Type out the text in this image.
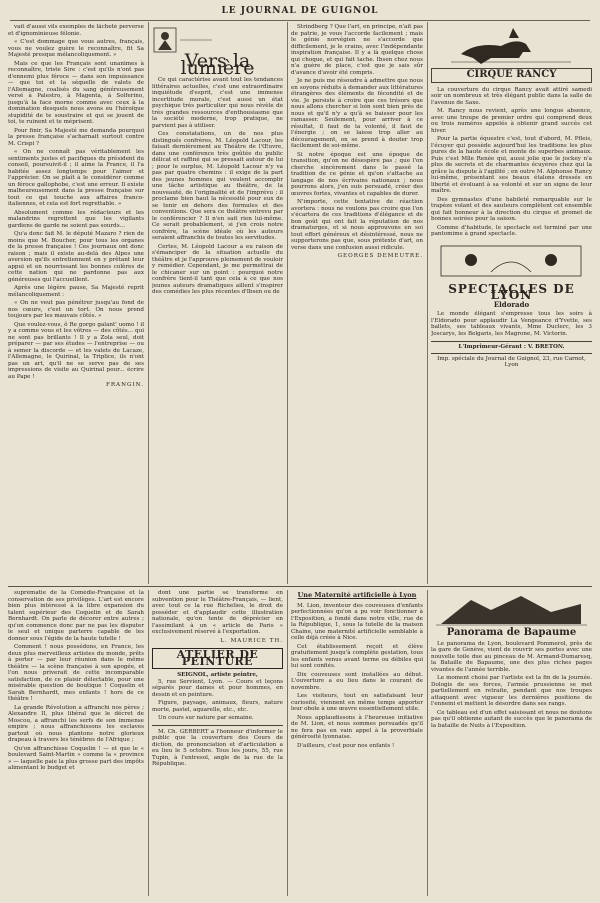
LE JOURNAL DE GUIGNOL

vait d'aussi vils exemples de lâcheté perverse et d'ignominieuse félonie.

« C'est dommage que vous autres, français, vous ne voulez guère le reconnaître, fit Sa Majesté presque mélancoliquement. »

Mais ce que les Français sont unanimes à reconnaître, triste Sire : c'est qu'ils n'ont pas d'ennemi plus féroce — dans son impuissance — que toi et la séquelle de valets de l'Allemagne, coalisés du sang généreusement versé à Palestro, à Magenta, à Solferino, jusqu'à la face morne comme avec ceux à la domination desquels nous avons eu l'héroïque stupidité de te soustraire et qui se jouent de toi, te ruinent et te méprisent.

Pour finir, Sa Majesté me demanda pourquoi la presse française s'acharnait surtout contre M. Crispi ?

« On ne connaît pas véritablement les sentiments justes et pacifiques du président du conseil, poursuivit-il ; il aime la France, il l'a habitée assez longtemps pour l'aimer et l'apprécier. On se plaît à le considérer comme un féroce gallophobe, c'est une erreur. Il existe malheureusement dans la presse française sur tout ce qui touche aux affaires franco-italiennes, et cela est fort regrettable. »

Absolument comme les rédacteurs et les malandrins regrettent que les vigilants gardiens de garde ne soient pas sourds...

Qu'a donc fait M. le député Mazaro ? rien de moins que M. Boucher, pour tous les organes de la presse française ! Ces journaux ont donc raison ; mais il existe au-delà des Alpes une aversion qu'ils entretiennent en y prêtant leur appui et en nourrissant les bonnes colères de cette nation qui ne pardonne pas aux généreuses qui l'accueillent.

Après une légère pause, Sa Majesté reprit mélancoliquement :

« On ne veut pas pénétrer jusqu'au fond de nos cœurs, c'est un tort. On nous prend toujours par les mauvais côtés. »

Que voulez-vous, ô Re gorgo galant' uomo ! il y a comme vous et les vôtres — des côtés... qui ne sont pas brillants ! Il y a Zola seul, doit préparer — par ses études — l'entreprise — ou à semer la discorde — et les valets de Lacaze, l'Allemagne, le Quirinal, la Triplice, ils n'ont pas un art, qu'il ne se serve pas de ses impressions de visite au Quirinal pour... écrire au Pape !

FRANGIN.
Vers la lumière

Ce qui caractérise avant tout les tendances littéraires actuelles, c'est une extraordinaire inquiétude d'esprit, c'est une immense incertitude morale, c'est aussi un état psychique très particulier qui nous révèle de très grandes ressources d'enthousiasme que la société moderne, trop pratique, ne parvient pas à utiliser.

Ces constatations, un de nos plus distingués confrères, M. Léopold Lacour, les faisait dernièrement au Théâtre de l'Œuvre, dans une conférence très goûtée du public délicat et raffiné qui se pressait autour de lui ; pour le surplus, M. Léopold Lacour n'y va pas par quatre chemins : il exige de la part des jeunes hommes qui veulent accomplir une tâche artistique au théâtre, de la nouveauté, de l'originalité et de l'imprévu ; il proclame bien haut la nécessité pour eux de se tenir en dehors des formules et des conventions. Que sera ce théâtre entrevu par le conférencier ? Il n'en sait rien lui-même. Ce serait probablement, si j'en crois notre confrère, la scène idéale où les auteurs seraient affranchis de toutes les servitudes.

Certes, M. Léopold Lacour a eu raison de s'émanciper de la situation actuelle du théâtre et je l'approuve pleinement de vouloir y remédier. Cependant, je me permettrai de le chicaner sur un point : pourquoi notre confrère tient-il tant que cela à ce que nos jeunes auteurs dramatiques aillent s'inspirer des comédies les plus récentes d'Ibsen ou de

Strindberg ? Que l'art, en principe, n'ait pas de patrie, je vous l'accorde facilement ; mais le génie norvégien ne s'accorde que difficilement, je le crains, avec l'indépendante inspiration française. Il y a là quelque chose qui choque, et qui fait tache. Ibsen chez nous n'a guère de place, c'est que je sais sûr d'avance d'avoir été compris.

Je ne puis me résoudre à admettre que nous en soyons réduits à demander aux littératures étrangères des éléments de fécondité et de vie. Je persiste à croire que ces trésors que nous allons chercher si loin sont bien près de nous et qu'il n'y a qu'à se baisser pour les ramasser. Seulement, pour arriver à ce résultat, il faut de la volonté, il faut de l'énergie ; on se laisse trop aller au découragement, on se prend à douter trop facilement de soi-même.

Si notre époque est une époque de transition, qu'on ne désespère pas ; que l'on cherche sincèrement dans le passé la tradition de ce génie et qu'on s'attache au langage de nos écrivains nationaux ; nous pourrons alors, j'en suis persuadé, créer des œuvres fortes, vivantes et capables de durer.

N'importe, cette tentative de réaction avortera : nous ne voulons pas croire que l'on s'écartera de ces traditions d'élégance et de bon goût qui ont fait la réputation de nos dramaturges, et si nous approuvons en soi tout effort généreux et désintéressé, nous ne supporterons pas que, sous prétexte d'art, on verse dans une confusion aussi ridicule.

GEORGES DEMEUTRE.
CIRQUE RANCY

La couverture du cirque Rancy avait attiré samedi soir un nombreux et très élégant public dans la salle de l'avenue de Saxe.

M. Rancy nous revient, après une longue absence, avec une troupe de premier ordre qui comprend deux ou trois numéros appelés à obtenir grand succès cet hiver.

Pour la partie équestre c'est, tout d'abord, M. Pfleis, l'écuyer qui possède aujourd'hui les traditions les plus pures de la haute école et monte de superbes animaux. Puis c'est Mlle Renée qui, aussi jolie que le jockey n'a plus de secrets et de charmantes écuyères chez qui la grâce la dispute à l'agilité ; en outre M. Alphonse Rancy lui-même, présentant ses beaux étalons dressés en liberté et évoluant à sa volonté et sur un signe de leur maître.

Des gymnastes d'une habileté remarquable sur le trapèze volant et des sauteurs complètent cet ensemble qui fait honneur à la direction du cirque et promet de bonnes soirées pour la saison.

Comme d'habitude, le spectacle est terminé par une pantomime à grand spectacle.

SPECTACLES DE LYON
Eldorado

Le monde élégant s'empresse tous les soirs à l'Eldorado pour applaudir La Vengeance d'Yvette, ses ballets, ses tableaux vivants, Mme Duclerc, les 3 Joscarys, les Belgaris, les Magrone, M. Victorin.

L'Imprimeur-Gérant : V. BRETON.
Imp. spéciale du Journal de Guignol, 23, rue Carnot, Lyon

suprématie de la Comédie-Française et la conservation de ses privilèges. L'art est encore bien plus intéressé à la libre expansion du talent supérieur des Coquelin et de Sarah Bernhardt. On parle de décorer entre autres ; qu'on commence donc par ne pas les disputer le seul et unique parterre capable de les donner sous l'égide de la haute tutelle !

Comment ! nous possédons, en France, les deux plus merveilleux artistes du monde, prêts à porter — par leur réunion dans le même théâtre — la scène française à son apogée, et l'on nous priverait de cette incomparable satisfaction, de ce plaisir délectable, pour une misérable question de boutique ! Coquelin et Sarah Bernhardt, mes enfants ! hors de ce théâtre !

La grande Révolution a affranchi nos pères ; Alexandre II, plus libéral que le décret de Moscou, a affranchi les serfs de son immense empire ; nous affranchissons les esclaves partout où nous plantons notre glorieux drapeau à travers les ténèbres de l'Afrique ;

Qu'on affranchisse Coquelin ! — et que le « boulevard Saint-Martin » comme la « province » — laquelle paie la plus grosse part des impôts alimentant le budget et

dont une partie se transforme en subvention pour le Théâtre-Français, — lient, avec tout ce la rue Richelieu, le droit de posséder et d'applaudir cette illustration nationale, qu'on tente de déprécier en l'assimilant à un « article de Paris » exclusivement réservé à l'exportation.

L. MAURICE TH.
ATELIER DE PEINTURE
SEIGNOL, artiste peintre,

5, rue Servient, Lyon. — Cours et leçons séparés pour dames et pour hommes, en dessin et en peinture.

Figure, paysage, animaux, fleurs, nature morte, pastel, aquarelle, etc., etc.

Un cours sur nature par semaine.

M. Ch. GERBERT a l'honneur d'informer le public que la couverture des Cours de diction, de prononciation et d'articulation a eu lieu le 5 octobre. Tous les jours, 55, rue Tupin, à l'entresol, angle de la rue de la République.

Une Maternité artificielle à Lyon

M. Lion, inventeur des couveuses d'enfants perfectionnées qu'on a pu voir fonctionner à l'Exposition, a fondé dans notre ville, rue de la République, 1, sous la tutelle de la maison Chaine, une maternité artificielle semblable à celle déjà créée à Nice.

Cet établissement reçoit et élève gratuitement jusqu'à complète gestation, tous les enfants venus avant terme ou débiles qui lui sont confiés.

Dix couveuses sont installées au début. L'ouverture a eu lieu dans le courant de novembre.

Les visiteurs, tout en satisfaisant leur curiosité, viennent en même temps apporter leur obole à une œuvre essentiellement utile.

Nous applaudissons à l'heureuse initiative de M. Lion, et nous sommes persuadés qu'il ne fera pas en vain appel à la proverbiale générosité lyonnaise.

D'ailleurs, c'est pour nos enfants !

Panorama de Bapaume

Le panorama de Lyon, boulevard Pommerol, près de la gare de Genève, vient de rouvrir ses portes avec une nouvelle toile due au pinceau de M. Armand-Dumaresq, la Bataille de Bapaume, une des plus riches pages vivantes de l'année terrible.

Le moment choisi par l'artiste est la fin de la journée. Dologis de ses forces, l'armée prussienne se met partiellement en retraite, pendant que nos troupes attaquent avec vigueur les dernières positions de l'ennemi et mettent le désordre dans ses rangs.

Ce tableau est d'un effet saisissant et nous ne doutons pas qu'il obtienne autant de succès que le panorama de la bataille de Nuits à l'Exposition.
